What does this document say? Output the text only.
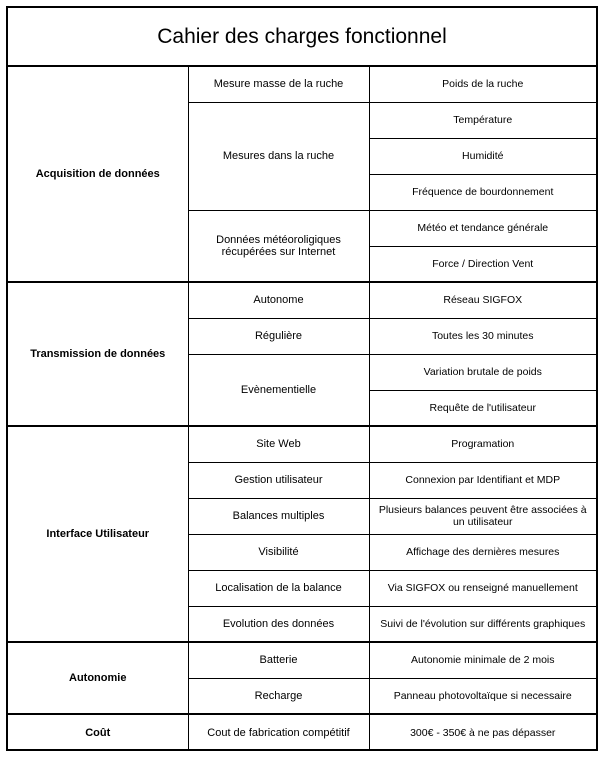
Cahier des charges fonctionnel
Acquisition de données	Mesure masse de la ruche	Poids de la ruche
	Mesures dans la ruche	Température
		Humidité
		Fréquence de bourdonnement
	Données météoroligiques récupérées sur Internet	Météo et tendance générale
		Force / Direction Vent
Transmission de données	Autonome	Réseau SIGFOX
	Régulière	Toutes les 30 minutes
	Evènementielle	Variation brutale de poids
		Requête de l'utilisateur
Interface Utilisateur	Site Web	Programation
	Gestion utilisateur	Connexion par Identifiant et MDP
	Balances multiples	Plusieurs balances peuvent être associées à un utilisateur
	Visibilité	Affichage des dernières mesures
	Localisation de la balance	Via SIGFOX ou renseigné manuellement
	Evolution des données	Suivi de l'évolution sur différents graphiques
Autonomie	Batterie	Autonomie minimale de 2 mois
	Recharge	Panneau photovoltaïque si necessaire
Coût	Cout de fabrication compétitif	300€ - 350€ à ne pas dépasser
